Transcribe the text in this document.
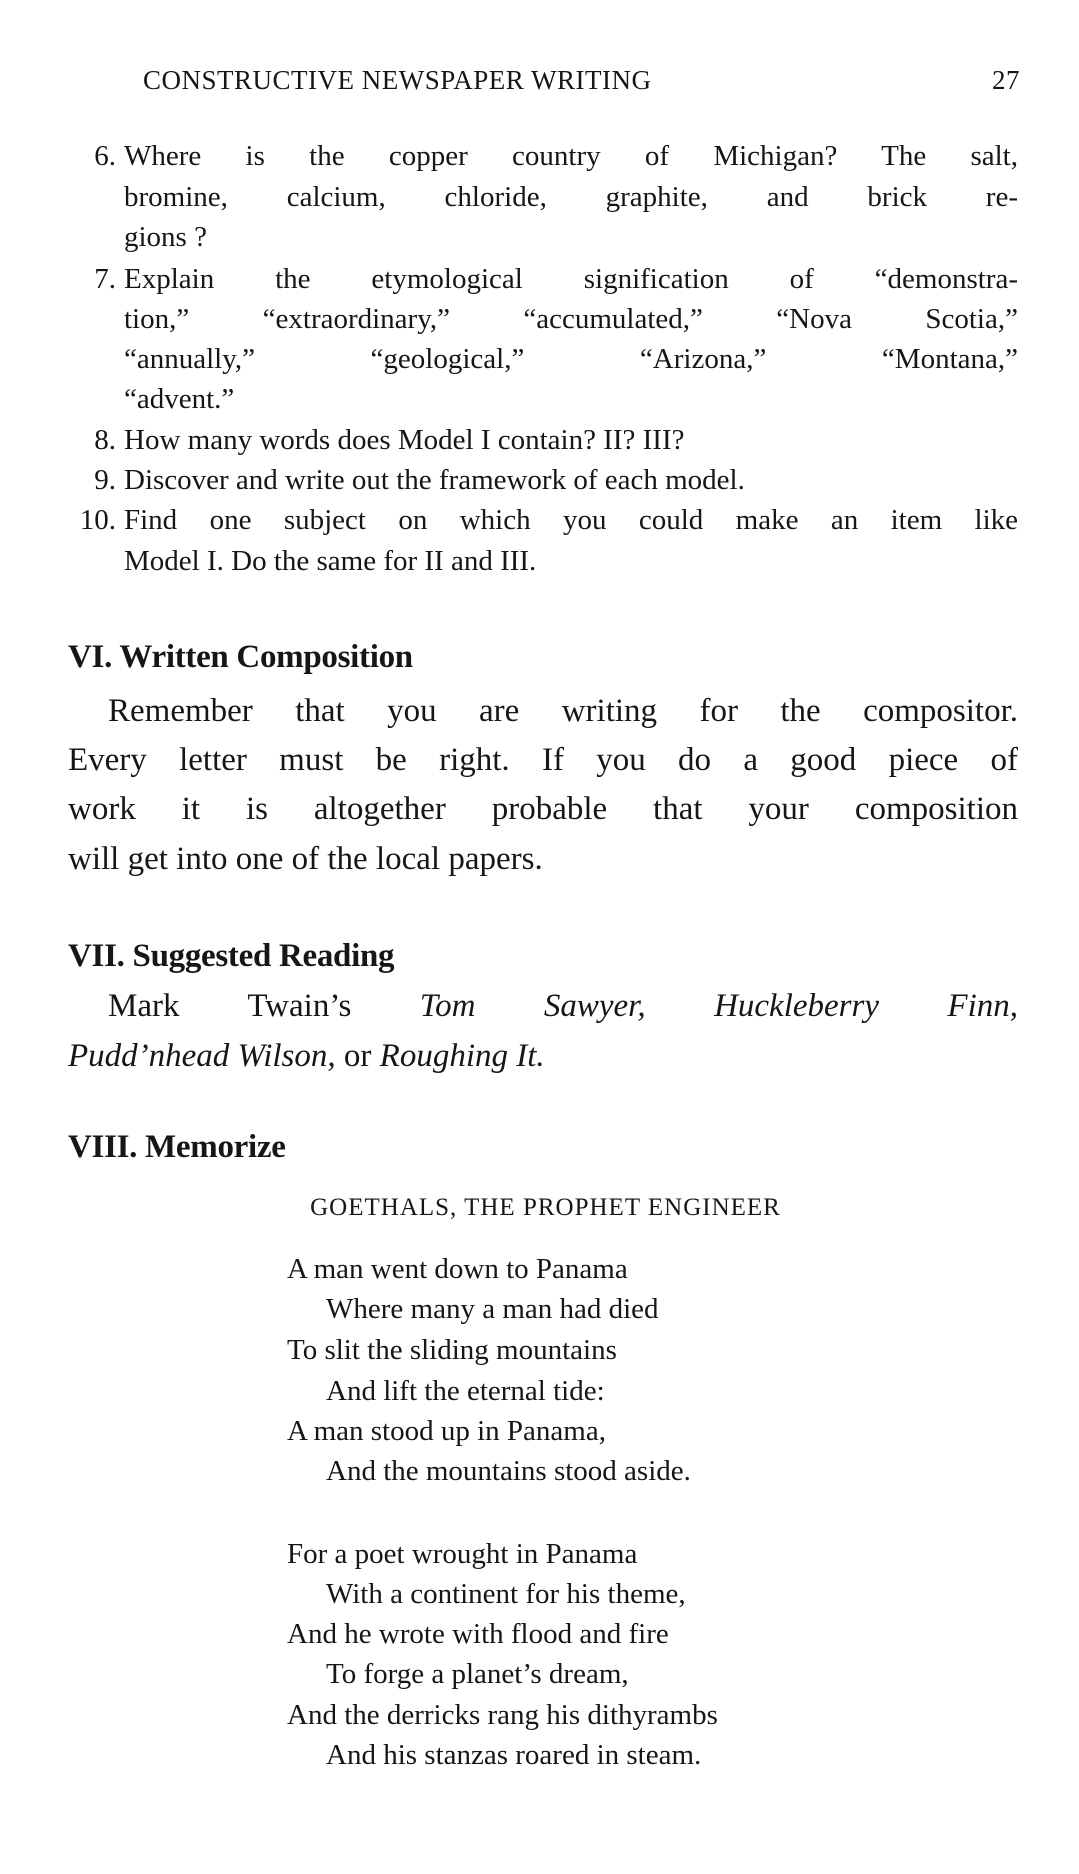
CONSTRUCTIVE NEWSPAPER WRITING	27
6. Where is the copper country of Michigan? The salt,
bromine, calcium, chloride, graphite, and brick re-
gions ?
7. Explain the etymological signification of “demonstra-
tion,” “extraordinary,” “accumulated,” “Nova Scotia,”
“annually,” “geological,” “Arizona,” “Montana,”
“advent.”
8. How many words does Model I contain? II? III?
9. Discover and write out the framework of each model.
10. Find one subject on which you could make an item like
Model I. Do the same for II and III.
VI. Written Composition
Remember that you are writing for the compositor.
Every letter must be right. If you do a good piece of
work it is altogether probable that your composition
will get into one of the local papers.
VII. Suggested Reading
Mark Twain’s Tom Sawyer, Huckleberry Finn,
Pudd’nhead Wilson, or Roughing It.
VIII. Memorize
GOETHALS, THE PROPHET ENGINEER
A man went down to Panama
Where many a man had died
To slit the sliding mountains
And lift the eternal tide:
A man stood up in Panama,
And the mountains stood aside.
For a poet wrought in Panama
With a continent for his theme,
And he wrote with flood and fire
To forge a planet’s dream,
And the derricks rang his dithyrambs
And his stanzas roared in steam.
